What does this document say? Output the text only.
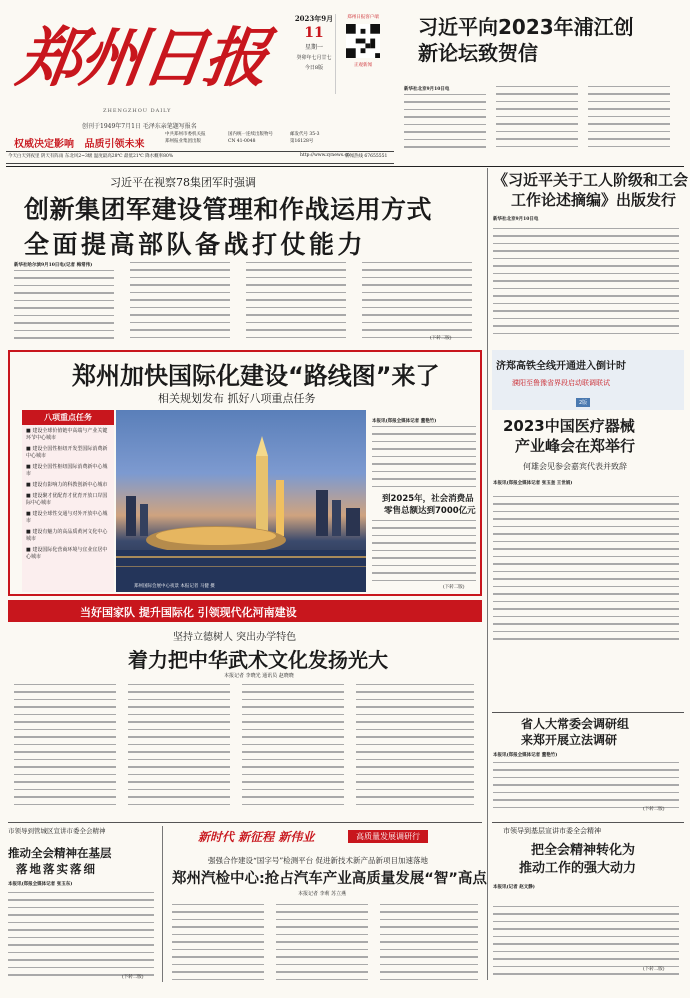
郑州日报
ZHENGZHOU DAILY
创刊于1949年7月1日 毛泽东亲笔题写报名
2023年9月
11
星期一
癸卯年七月廿七
今日8版
郑州日报客户端
正观新闻
习近平向2023年浦江创新论坛致贺信
新华社北京9月10日电
权威决定影响 品质引领未来
中共郑州市委机关报
郑州报业集团出版
国内统一连续出版物号
CN 41-0048
邮发代号 35-3
第16128号
今天白天到夜里 阴天有阵雨 东北风2~3级 温度最高28℃ 最低21℃ 降水概率80%	http://www.zynews.cn
新闻热线 67655551
习近平在视察78集团军时强调
创新集团军建设管理和作战运用方式
全面提高部队备战打仗能力
新华社哈尔滨9月10日电(记者 梅常伟)
(下转二版)
《习近平关于工人阶级和工会
工作论述摘编》出版发行
新华社北京9月10日电
郑州加快国际化建设“路线图”来了
相关规划发布 抓好八项重点任务
八项重点任务
■ 建设全球价值链中高端与产业关键环节中心城市
■ 建设全国性枢纽开发型国际消费新中心城市
■ 建设全国性枢纽国际消费新中心城市
■ 建设有影响力的科教创新中心城市
■ 建设聚才优配育才优育开放口岸国际中心城市
■ 建设全球性交通与对外开放中心城市
■ 建设有魅力的高品质黄河文化中心城市
■ 建设国际化营商环境与宜业宜居中心城市
郑州国际会展中心夜景 本报记者 马健 摄
本报讯(郑报全媒体记者 董艳竹)
到2025年，社会消费品
零售总额达到7000亿元
(下转二版)
济郑高铁全线开通进入倒计时
濮阳至鲁豫省界段启动联调联试
2版
2023中国医疗器械
产业峰会在郑举行
何雄会见参会嘉宾代表并致辞
本报讯(郑报全媒体记者 张玉奎 王世娟)
省人大常委会调研组
来郑开展立法调研
本报讯(郑报全媒体记者 董艳竹)
(下转二版)
市领导到基层宣讲市委全会精神
把全会精神转化为
推动工作的强大动力
本报讯(记者 赵文静)
(下转二版)
当好国家队 提升国际化 引领现代化河南建设
坚持立德树人 突出办学特色
着力把中华武术文化发扬光大
本报记者 李晓光 通讯员 赵晓晓
市领导到管城区宣讲市委全会精神
推动全会精神在基层
落地落实落细
本报讯(郑报全媒体记者 张玉东)
(下转二版)
新时代 新征程 新伟业	高质量发展调研行
强强合作建设“国字号”检测平台 促进新技术新产品新项目加速落地
郑州汽检中心:抢占汽车产业高质量发展“智”高点
本报记者 李莉 苏立燕
